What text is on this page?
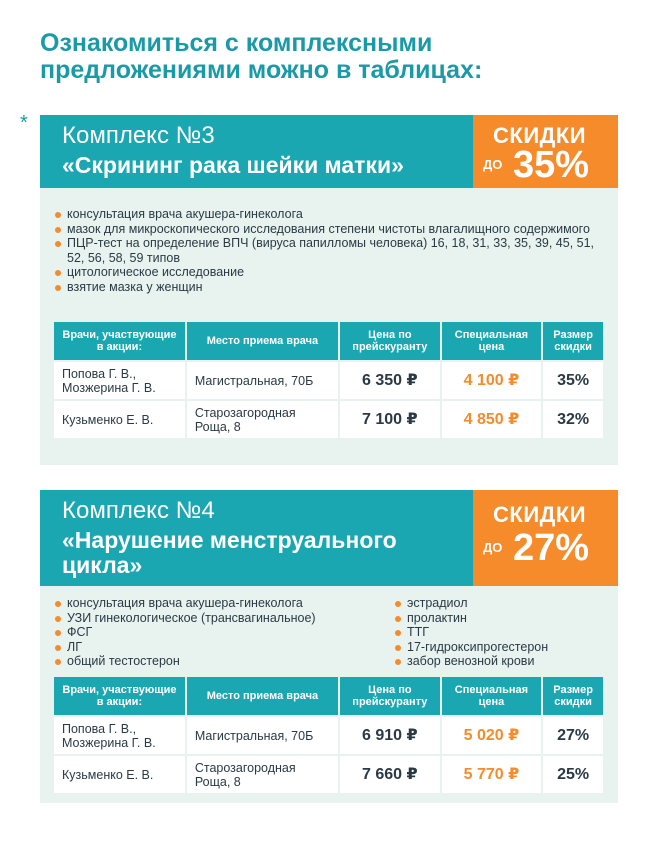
Ознакомиться с комплексными предложениями можно в таблицах:
* Комплекс №3
«Скрининг рака шейки матки»
СКИДКИ
ДО 35%
консультация врача акушера-гинеколога
мазок для микроскопического исследования степени чистоты влагалищного содержимого
ПЦР-тест на определение ВПЧ (вируса папилломы человека) 16, 18, 31, 33, 35, 39, 45, 51, 52, 56, 58, 59 типов
цитологическое исследование
взятие мазка у женщин
Врачи, участвующие в акции:	Место приема врача	Цена по прейскуранту	Специальная цена	Размер скидки
Попова Г. В., Мозжерина Г. В.	Магистральная, 70Б	6 350 ₽	4 100 ₽	35%
Кузьменко Е. В.	Старозагородная Роща, 8	7 100 ₽	4 850 ₽	32%
Комплекс №4
«Нарушение менструального цикла»
СКИДКИ
ДО 27%
консультация врача акушера-гинеколога
УЗИ гинекологическое (трансвагинальное)
ФСГ
ЛГ
общий тестостерон
эстрадиол
пролактин
ТТГ
17-гидроксипрогестерон
забор венозной крови
Врачи, участвующие в акции:	Место приема врача	Цена по прейскуранту	Специальная цена	Размер скидки
Попова Г. В., Мозжерина Г. В.	Магистральная, 70Б	6 910 ₽	5 020 ₽	27%
Кузьменко Е. В.	Старозагородная Роща, 8	7 660 ₽	5 770 ₽	25%
